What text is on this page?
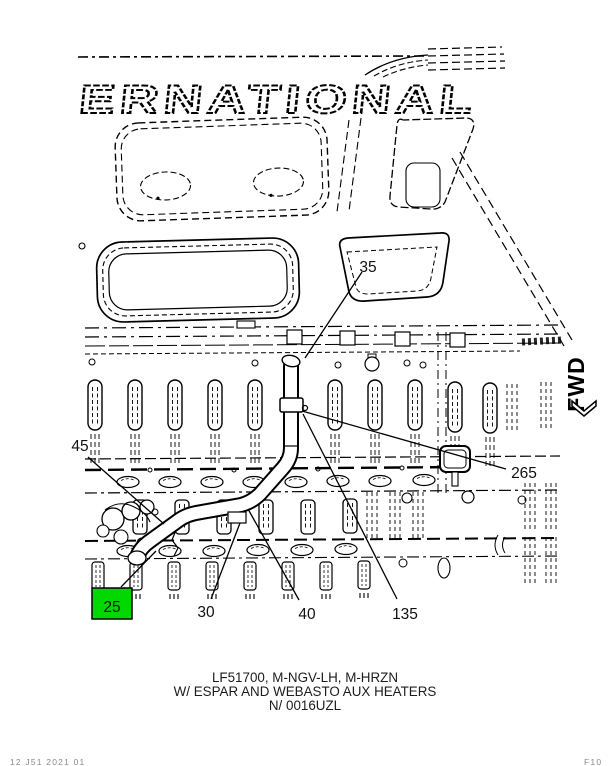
ERNATIONAL
25
35
45
265
30	40	135
FWD
LF51700, M-NGV-LH, M-HRZN
W/ ESPAR AND WEBASTO AUX HEATERS
N/ 0016UZL
12 J51 2021 01	F10
